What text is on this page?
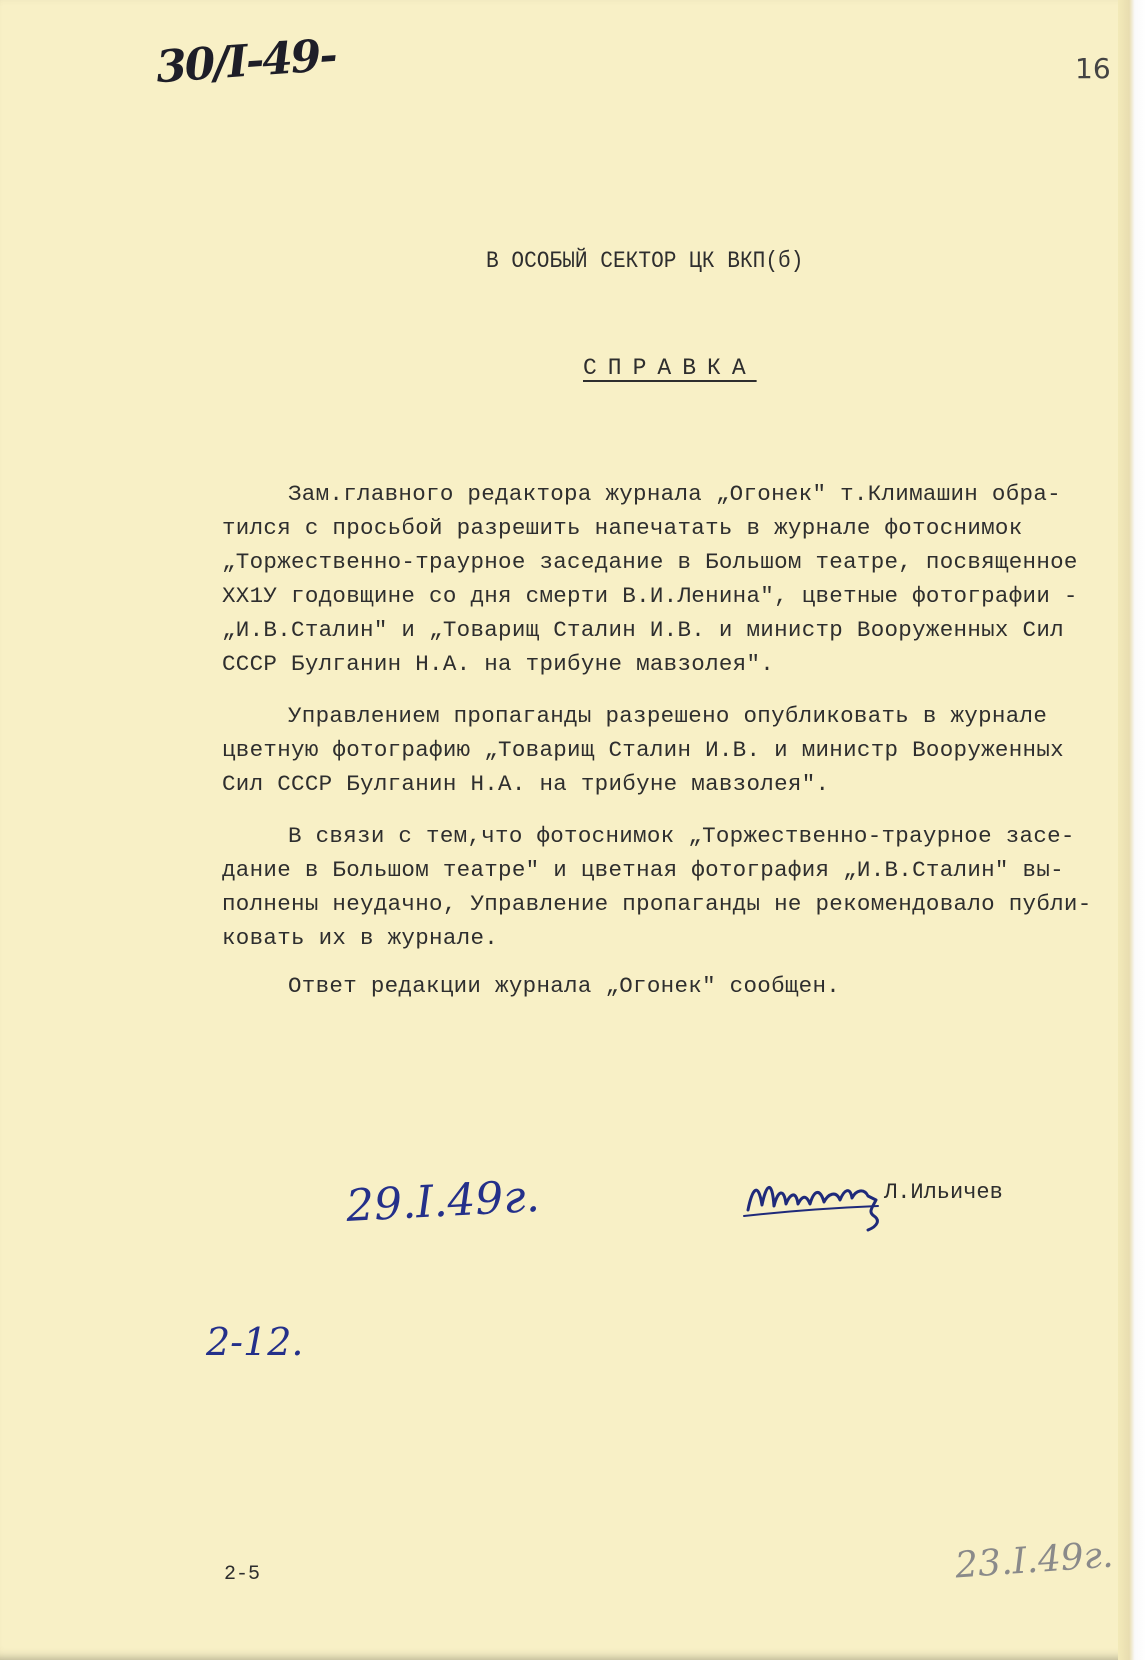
30/I-49-	16
В ОСОБЫЙ СЕКТОР ЦК ВКП(б)
СПРАВКА
Зам.главного редактора журнала „Огонек" т.Климашин обра-
тился с просьбой разрешить напечатать в журнале фотоснимок
„Торжественно-траурное заседание в Большом театре, посвященное
ХХ1У годовщине со дня смерти В.И.Ленина", цветные фотографии -
„И.В.Сталин" и „Товарищ Сталин И.В. и министр Вооруженных Сил
СССР Булганин Н.А. на трибуне мавзолея".
Управлением пропаганды разрешено опубликовать в журнале
цветную фотографию „Товарищ Сталин И.В. и министр Вооруженных
Сил СССР Булганин Н.А. на трибуне мавзолея".
В связи с тем,что фотоснимок „Торжественно-траурное засе-
дание в Большом театре" и цветная фотография „И.В.Сталин" вы-
полнены неудачно, Управление пропаганды не рекомендовало публи-
ковать их в журнале.
Ответ редакции журнала „Огонек" сообщен.
29.I.49г.	Л.Ильичев
2-12.
2-5	23.I.49г.
